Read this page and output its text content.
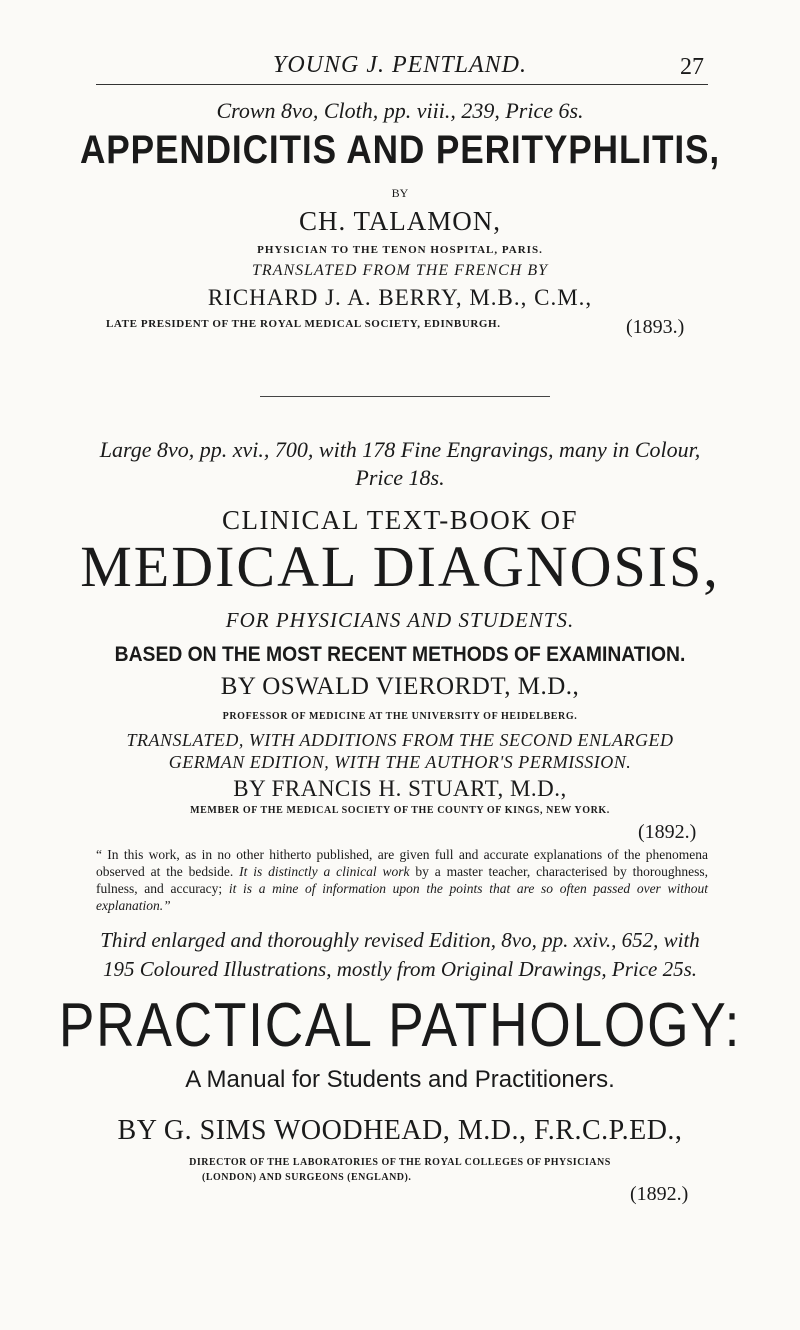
YOUNG J. PENTLAND.	27
Crown 8vo, Cloth, pp. viii., 239, Price 6s.
APPENDICITIS AND PERITYPHLITIS,
BY
CH. TALAMON,
PHYSICIAN TO THE TENON HOSPITAL, PARIS.
TRANSLATED FROM THE FRENCH BY
RICHARD J. A. BERRY, M.B., C.M.,
LATE PRESIDENT OF THE ROYAL MEDICAL SOCIETY, EDINBURGH.	(1893.)
Large 8vo, pp. xvi., 700, with 178 Fine Engravings, many in Colour,
Price 18s.
CLINICAL TEXT-BOOK OF
MEDICAL DIAGNOSIS,
FOR PHYSICIANS AND STUDENTS.
BASED ON THE MOST RECENT METHODS OF EXAMINATION.
BY OSWALD VIERORDT, M.D.,
PROFESSOR OF MEDICINE AT THE UNIVERSITY OF HEIDELBERG.
TRANSLATED, WITH ADDITIONS FROM THE SECOND ENLARGED
GERMAN EDITION, WITH THE AUTHOR'S PERMISSION.
BY FRANCIS H. STUART, M.D.,
MEMBER OF THE MEDICAL SOCIETY OF THE COUNTY OF KINGS, NEW YORK.
(1892.)
“ In this work, as in no other hitherto published, are given full and accurate explanations of the phenomena observed at the bedside. It is distinctly a clinical work by a master teacher, characterised by thoroughness, fulness, and accuracy; it is a mine of information upon the points that are so often passed over without explanation.”
Third enlarged and thoroughly revised Edition, 8vo, pp. xxiv., 652, with
195 Coloured Illustrations, mostly from Original Drawings, Price 25s.
PRACTICAL PATHOLOGY:
A Manual for Students and Practitioners.
BY G. SIMS WOODHEAD, M.D., F.R.C.P.ED.,
DIRECTOR OF THE LABORATORIES OF THE ROYAL COLLEGES OF PHYSICIANS
(LONDON) AND SURGEONS (ENGLAND).
(1892.)
